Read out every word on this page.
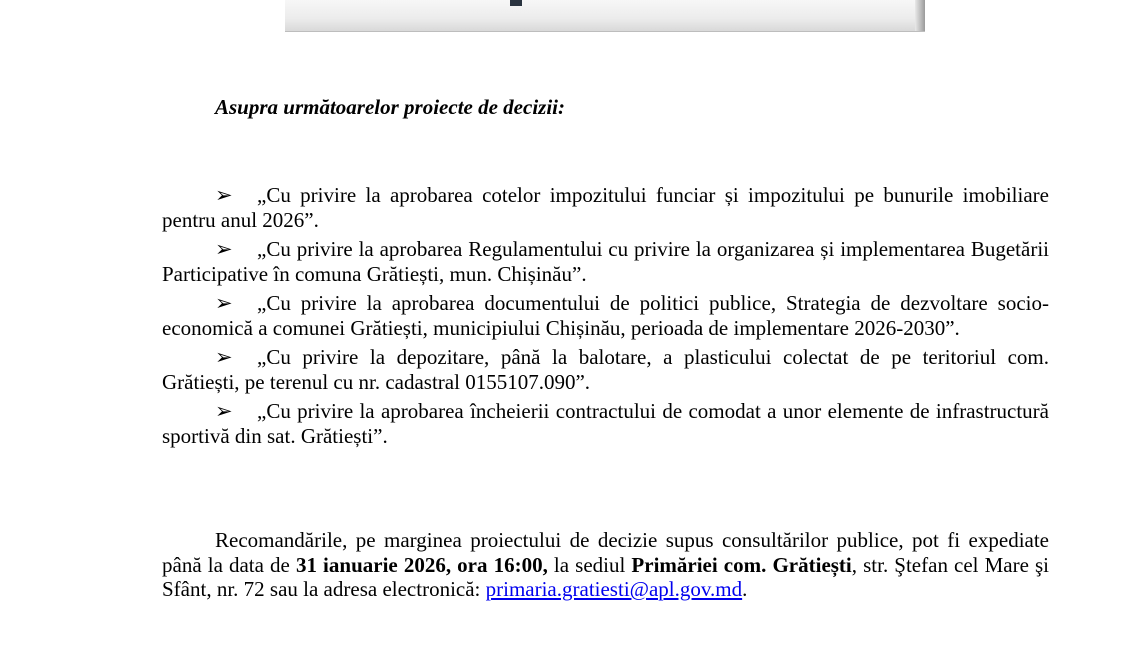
Asupra următoarelor proiecte de decizii:
➢ „Cu privire la aprobarea cotelor impozitului funciar și impozitului pe bunurile imobiliare pentru anul 2026”.
➢ „Cu privire la aprobarea Regulamentului cu privire la organizarea și implementarea Bugetării Participative în comuna Grătiești, mun. Chișinău”.
➢ „Cu privire la aprobarea documentului de politici publice, Strategia de dezvoltare socio-economică a comunei Grătiești, municipiului Chișinău, perioada de implementare 2026-2030”.
➢ „Cu privire la depozitare, până la balotare, a plasticului colectat de pe teritoriul com. Grătiești, pe terenul cu nr. cadastral 0155107.090”.
➢ „Cu privire la aprobarea încheierii contractului de comodat a unor elemente de infrastructură sportivă din sat. Grătiești”.
Recomandările, pe marginea proiectului de decizie supus consultărilor publice, pot fi expediate până la data de 31 ianuarie 2026, ora 16:00, la sediul Primăriei com. Grătiești, str. Ştefan cel Mare şi Sfânt, nr. 72 sau la adresa electronică: primaria.gratiesti@apl.gov.md.
